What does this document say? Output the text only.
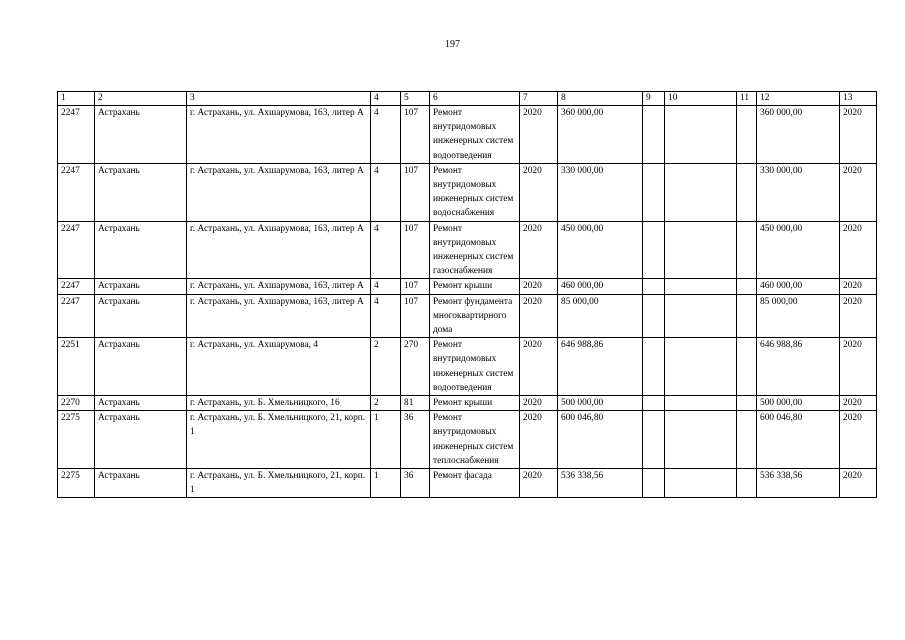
197
1	2	3	4	5	6	7	8	9	10	11	12	13
2247	Астрахань	г. Астрахань, ул. Ахшарумова, 163, литер А	4	107	Ремонт внутридомовых инженерных систем водоотведения	2020	360 000,00				360 000,00	2020
2247	Астрахань	г. Астрахань, ул. Ахшарумова, 163, литер А	4	107	Ремонт внутридомовых инженерных систем водоснабжения	2020	330 000,00				330 000,00	2020
2247	Астрахань	г. Астрахань, ул. Ахшарумова, 163, литер А	4	107	Ремонт внутридомовых инженерных систем газоснабжения	2020	450 000,00				450 000,00	2020
2247	Астрахань	г. Астрахань, ул. Ахшарумова, 163, литер А	4	107	Ремонт крыши	2020	460 000,00				460 000,00	2020
2247	Астрахань	г. Астрахань, ул. Ахшарумова, 163, литер А	4	107	Ремонт фундамента многоквартирного дома	2020	85 000,00				85 000,00	2020
2251	Астрахань	г. Астрахань, ул. Ахшарумова, 4	2	270	Ремонт внутридомовых инженерных систем водоотведения	2020	646 988,86				646 988,86	2020
2270	Астрахань	г. Астрахань, ул. Б. Хмельницкого, 16	2	81	Ремонт крыши	2020	500 000,00				500 000,00	2020
2275	Астрахань	г. Астрахань, ул. Б. Хмельницкого, 21, корп. 1	1	36	Ремонт внутридомовых инженерных систем теплоснабжения	2020	600 046,80				600 046,80	2020
2275	Астрахань	г. Астрахань, ул. Б. Хмельницкого, 21, корп. 1	1	36	Ремонт фасада	2020	536 338,56				536 338,56	2020
